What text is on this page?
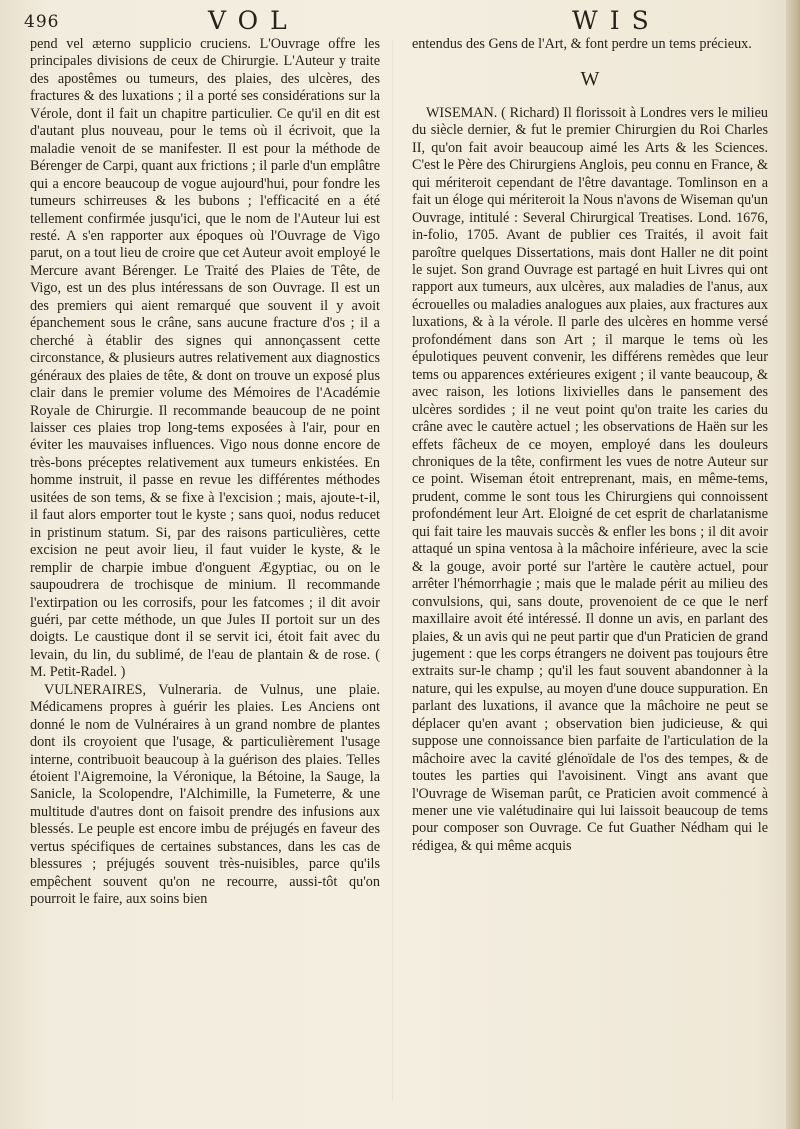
496	VOL	WIS

pend vel æterno supplicio cruciens. L'Ouvrage offre les principales divisions de ceux de Chirurgie. L'Auteur y traite des apostêmes ou tumeurs, des plaies, des ulcères, des fractures & des luxations ; il a porté ses considérations sur la Vérole, dont il fait un chapitre particulier. Ce qu'il en dit est d'autant plus nouveau, pour le tems où il écrivoit, que la maladie venoit de se manifester. Il est pour la méthode de Bérenger de Carpi, quant aux frictions ; il parle d'un emplâtre qui a encore beaucoup de vogue aujourd'hui, pour fondre les tumeurs schirreuses & les bubons ; l'efficacité en a été tellement confirmée jusqu'ici, que le nom de l'Auteur lui est resté. A s'en rapporter aux époques où l'Ouvrage de Vigo parut, on a tout lieu de croire que cet Auteur avoit employé le Mercure avant Bérenger. Le Traité des Plaies de Tête, de Vigo, est un des plus intéressans de son Ouvrage. Il est un des premiers qui aient remarqué que souvent il y avoit épanchement sous le crâne, sans aucune fracture d'os ; il a cherché à établir des signes qui annonçassent cette circonstance, & plusieurs autres relativement aux diagnostics généraux des plaies de tête, & dont on trouve un exposé plus clair dans le premier volume des Mémoires de l'Académie Royale de Chirurgie. Il recommande beaucoup de ne point laisser ces plaies trop long-tems exposées à l'air, pour en éviter les mauvaises influences. Vigo nous donne encore de très-bons préceptes relativement aux tumeurs enkistées. En homme instruit, il passe en revue les différentes méthodes usitées de son tems, & se fixe à l'excision ; mais, ajoute-t-il, il faut alors emporter tout le kyste ; sans quoi, nodus reducet in pristinum statum. Si, par des raisons particulières, cette excision ne peut avoir lieu, il faut vuider le kyste, & le remplir de charpie imbue d'onguent Ægyptiac, ou on le saupoudrera de trochisque de minium. Il recommande l'extirpation ou les corrosifs, pour les fatcomes ; il dit avoir guéri, par cette méthode, un que Jules II portoit sur un des doigts. Le caustique dont il se servit ici, étoit fait avec du levain, du lin, du sublimé, de l'eau de plantain & de rose. ( M. Petit-Radel. )

VULNERAIRES, Vulneraria. de Vulnus, une plaie. Médicamens propres à guérir les plaies. Les Anciens ont donné le nom de Vulnéraires à un grand nombre de plantes dont ils croyoient que l'usage, & particulièrement l'usage interne, contribuoit beaucoup à la guérison des plaies. Telles étoient l'Aigremoine, la Véronique, la Bétoine, la Sauge, la Sanicle, la Scolopendre, l'Alchimille, la Fumeterre, & une multitude d'autres dont on faisoit prendre des infusions aux blessés. Le peuple est encore imbu de préjugés en faveur des vertus spécifiques de certaines substances, dans les cas de blessures ; préjugés souvent très-nuisibles, parce qu'ils empêchent souvent qu'on ne recourre, aussi-tôt qu'on pourroit le faire, aux soins bien

entendus des Gens de l'Art, & font perdre un tems précieux.

W

WISEMAN. ( Richard) Il florissoit à Londres vers le milieu du siècle dernier, & fut le premier Chirurgien du Roi Charles II, qu'on fait avoir beaucoup aimé les Arts & les Sciences. C'est le Père des Chirurgiens Anglois, peu connu en France, & qui mériteroit cependant de l'être davantage. Tomlinson en a fait un éloge qui mériteroit la Nous n'avons de Wiseman qu'un Ouvrage, intitulé : Several Chirurgical Treatises. Lond. 1676, in-folio, 1705. Avant de publier ces Traités, il avoit fait paroître quelques Dissertations, mais dont Haller ne dit point le sujet. Son grand Ouvrage est partagé en huit Livres qui ont rapport aux tumeurs, aux ulcères, aux maladies de l'anus, aux écrouelles ou maladies analogues aux plaies, aux fractures aux luxations, & à la vérole. Il parle des ulcères en homme versé profondément dans son Art ; il marque le tems où les épulotiques peuvent convenir, les différens remèdes que leur tems ou apparences extérieures exigent ; il vante beaucoup, & avec raison, les lotions lixivielles dans le pansement des ulcères sordides ; il ne veut point qu'on traite les caries du crâne avec le cautère actuel ; les observations de Haën sur les effets fâcheux de ce moyen, employé dans les douleurs chroniques de la tête, confirment les vues de notre Auteur sur ce point. Wiseman étoit entreprenant, mais, en même-tems, prudent, comme le sont tous les Chirurgiens qui connoissent profondément leur Art. Eloigné de cet esprit de charlatanisme qui fait taire les mauvais succès & enfler les bons ; il dit avoir attaqué un spina ventosa à la mâchoire inférieure, avec la scie & la gouge, avoir porté sur l'artère le cautère actuel, pour arrêter l'hémorrhagie ; mais que le malade périt au milieu des convulsions, qui, sans doute, provenoient de ce que le nerf maxillaire avoit été intéressé. Il donne un avis, en parlant des plaies, & un avis qui ne peut partir que d'un Praticien de grand jugement : que les corps étrangers ne doivent pas toujours être extraits sur-le champ ; qu'il les faut souvent abandonner à la nature, qui les expulse, au moyen d'une douce suppuration. En parlant des luxations, il avance que la mâchoire ne peut se déplacer qu'en avant ; observation bien judicieuse, & qui suppose une connoissance bien parfaite de l'articulation de la mâchoire avec la cavité glénoïdale de l'os des tempes, & de toutes les parties qui l'avoisinent. Vingt ans avant que l'Ouvrage de Wiseman parût, ce Praticien avoit commencé à mener une vie valétudinaire qui lui laissoit beaucoup de tems pour composer son Ouvrage. Ce fut Guather Nédham qui le rédigea, & qui même acquis
